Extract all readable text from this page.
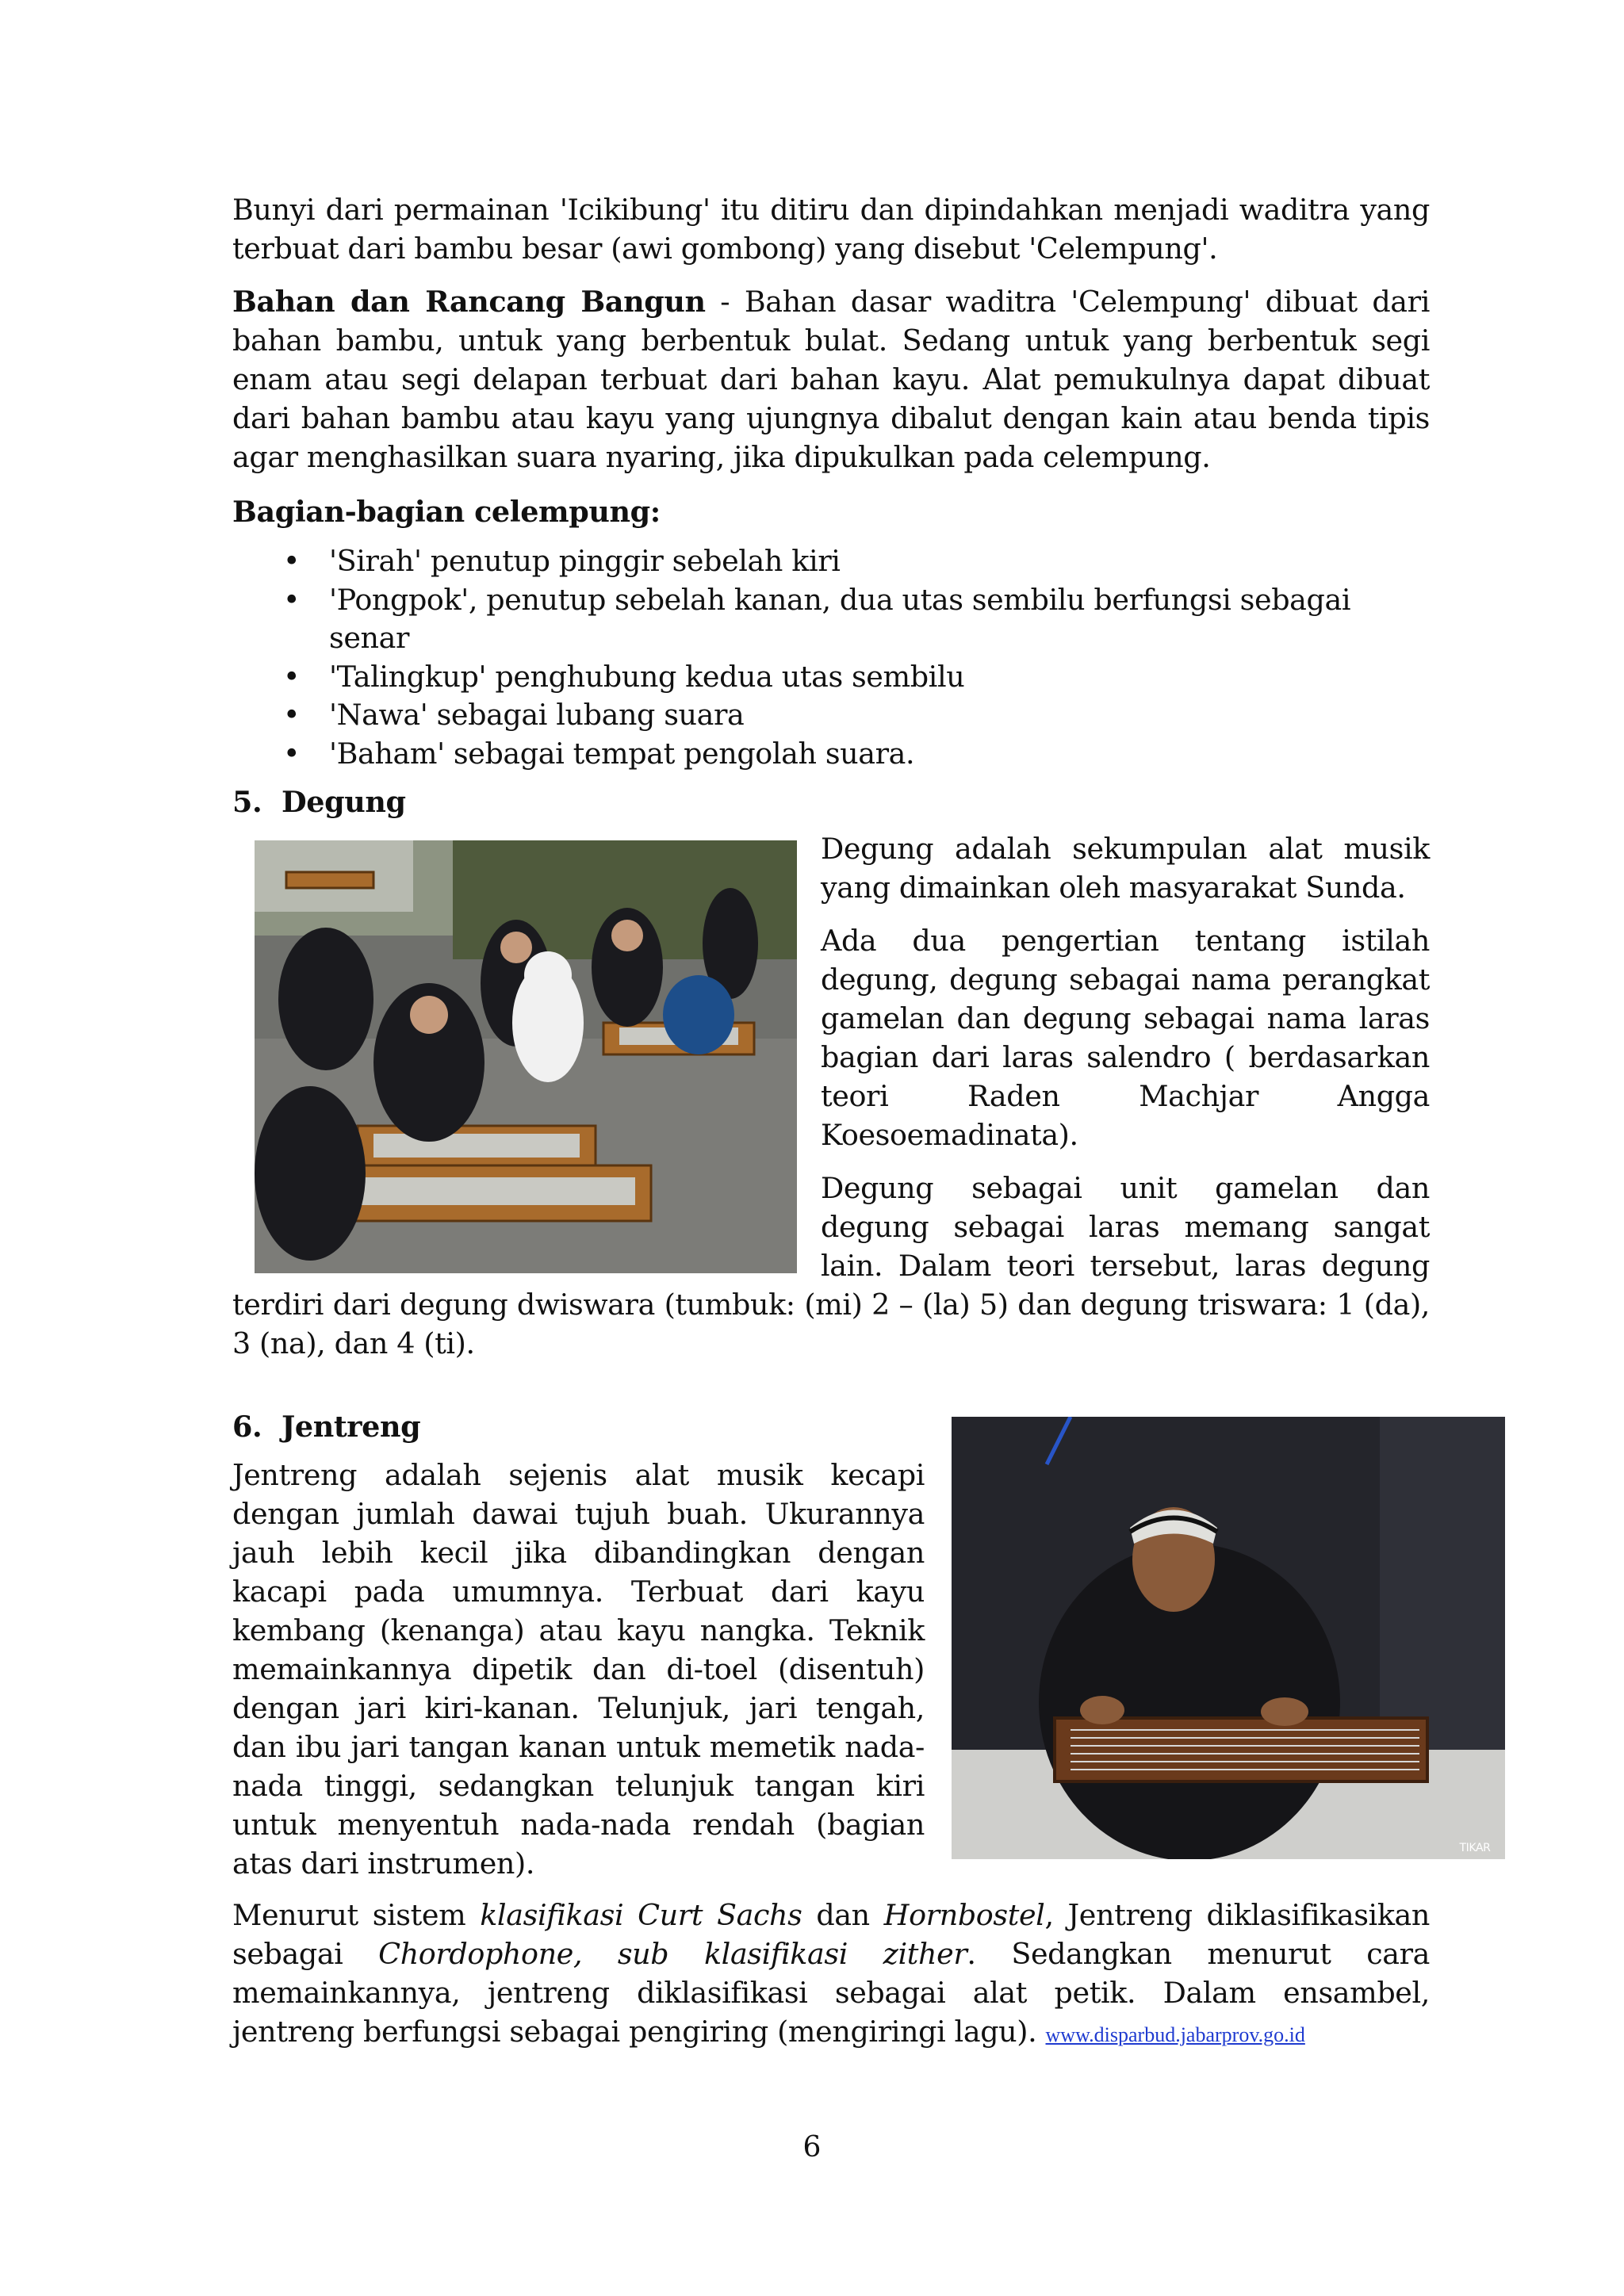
Bunyi dari permainan 'Icikibung' itu ditiru dan dipindahkan menjadi waditra yang terbuat dari bambu besar (awi gombong) yang disebut 'Celempung'.

Bahan dan Rancang Bangun - Bahan dasar waditra 'Celempung' dibuat dari bahan bambu, untuk yang berbentuk bulat. Sedang untuk yang berbentuk segi enam atau segi delapan terbuat dari bahan kayu. Alat pemukulnya dapat dibuat dari bahan bambu atau kayu yang ujungnya dibalut dengan kain atau benda tipis agar menghasilkan suara nyaring, jika dipukulkan pada celempung.

Bagian-bagian celempung:

• 'Sirah' penutup pinggir sebelah kiri
• 'Pongpok', penutup sebelah kanan, dua utas sembilu berfungsi sebagai senar
• 'Talingkup' penghubung kedua utas sembilu
• 'Nawa' sebagai lubang suara
• 'Baham' sebagai tempat pengolah suara.

5. Degung

Degung adalah sekumpulan alat musik yang dimainkan oleh masyarakat Sunda.

Ada dua pengertian tentang istilah degung, degung sebagai nama perangkat gamelan dan degung sebagai nama laras bagian dari laras salendro ( berdasarkan teori Raden Machjar Angga Koesoemadinata).

Degung sebagai unit gamelan dan degung sebagai laras memang sangat lain. Dalam teori tersebut, laras degung terdiri dari degung dwiswara (tumbuk: (mi) 2 – (la) 5) dan degung triswara: 1 (da), 3 (na), dan 4 (ti).

TIKAR

6. Jentreng

Jentreng adalah sejenis alat musik kecapi dengan jumlah dawai tujuh buah. Ukurannya jauh lebih kecil jika dibandingkan dengan kacapi pada umumnya. Terbuat dari kayu kembang (kenanga) atau kayu nangka. Teknik memainkannya dipetik dan di-toel (disentuh) dengan jari kiri-kanan. Telunjuk, jari tengah, dan ibu jari tangan kanan untuk memetik nada-nada tinggi, sedangkan telunjuk tangan kiri untuk menyentuh nada-nada rendah (bagian atas dari instrumen).

Menurut sistem klasifikasi Curt Sachs dan Hornbostel, Jentreng diklasifikasikan sebagai Chordophone, sub klasifikasi zither. Sedangkan menurut cara memainkannya, jentreng diklasifikasi sebagai alat petik. Dalam ensambel, jentreng berfungsi sebagai pengiring (mengiringi lagu). www.disparbud.jabarprov.go.id

6
